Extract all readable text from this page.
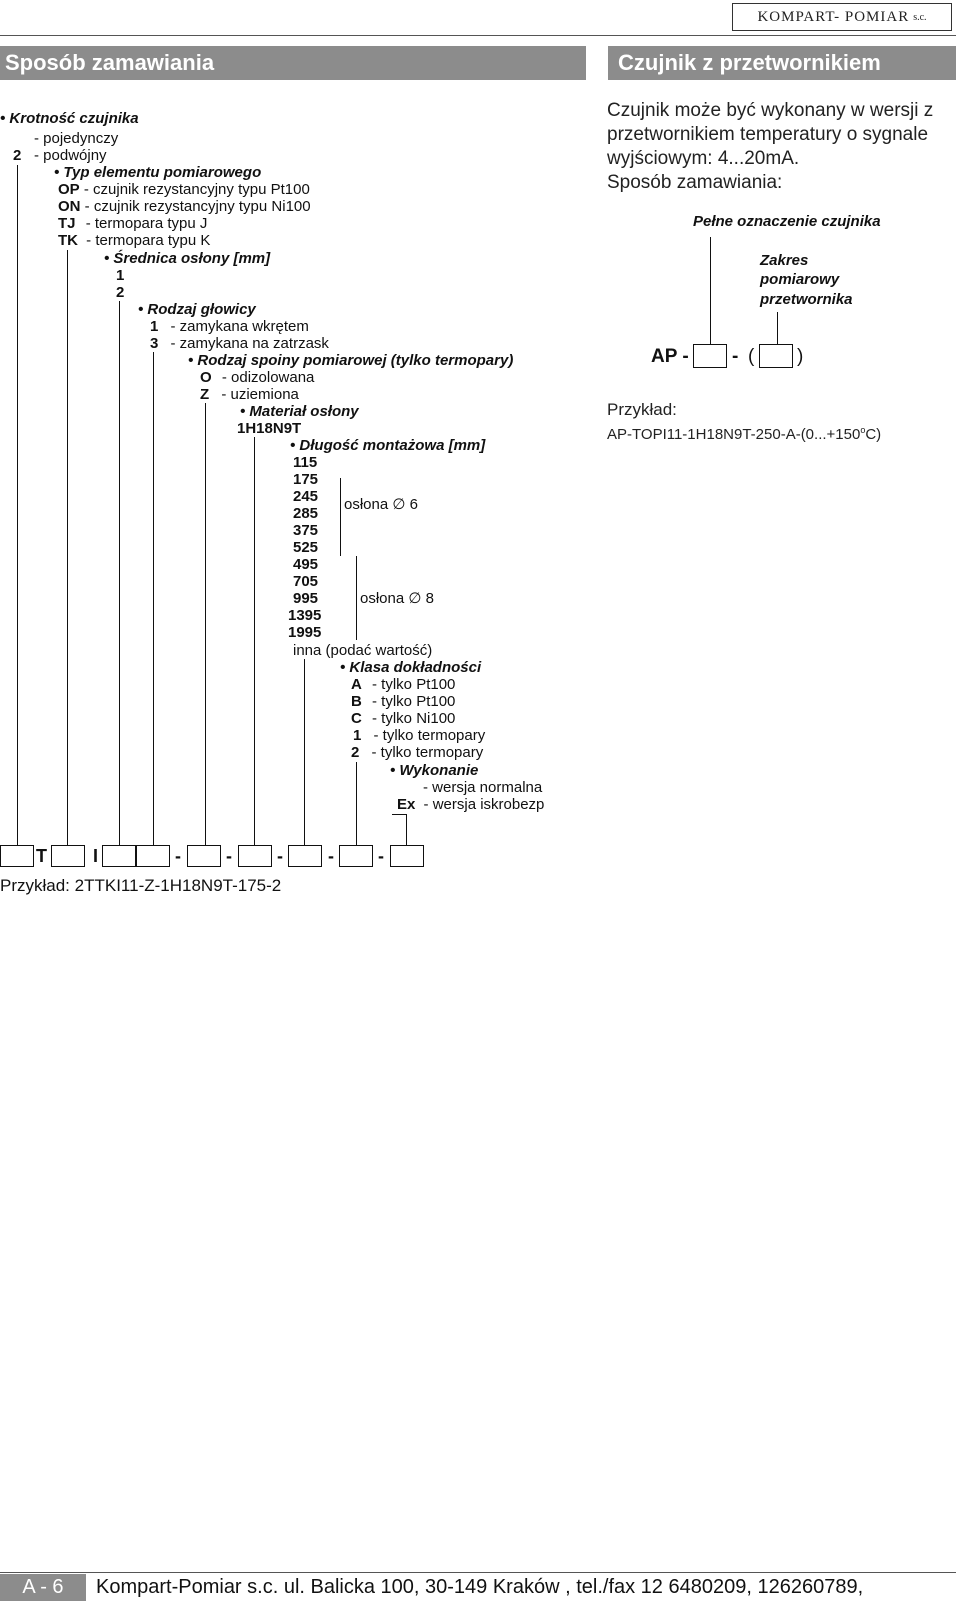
KOMPART- POMIAR s.c.
Sposób zamawiania	Czujnik z przetwornikiem
• Krotność czujnika
- pojedynczy
2 - podwójny
• Typ elementu pomiarowego
OP - czujnik rezystancyjny typu Pt100
ON - czujnik rezystancyjny typu Ni100
TJ - termopara typu J
TK - termopara typu K
• Średnica osłony [mm]
1
2
• Rodzaj głowicy
1 - zamykana wkrętem
3 - zamykana na zatrzask
• Rodzaj spoiny pomiarowej (tylko termopary)
O - odizolowana
Z - uziemiona
• Materiał osłony
1H18N9T
• Długość montażowa [mm]
115
175
245
285
375
525
495
705
995
1395
1995
inna (podać wartość)
osłona ∅ 6
osłona ∅ 8
• Klasa dokładności
A - tylko Pt100
B - tylko Pt100
C - tylko Ni100
1 - tylko termopary
2 - tylko termopary
• Wykonanie
- wersja normalna
Ex - wersja iskrobezp
T	I	-	-	-	- -
Przykład: 2TTKI11-Z-1H18N9T-175-2
Czujnik może być wykonany w wersji z
przetwornikiem temperatury o sygnale
wyjściowym: 4...20mA.
Sposób zamawiania:
Pełne oznaczenie czujnika
Zakres
pomiarowy
przetwornika
AP - - ( )
Przykład:
$AP-TOPI11-1H18N9T-250-A-(0...+150^oC)$
A - 6	Kompart-Pomiar s.c. ul. Balicka 100, 30-149 Kraków , tel./fax 12 6480209, 126260789,
